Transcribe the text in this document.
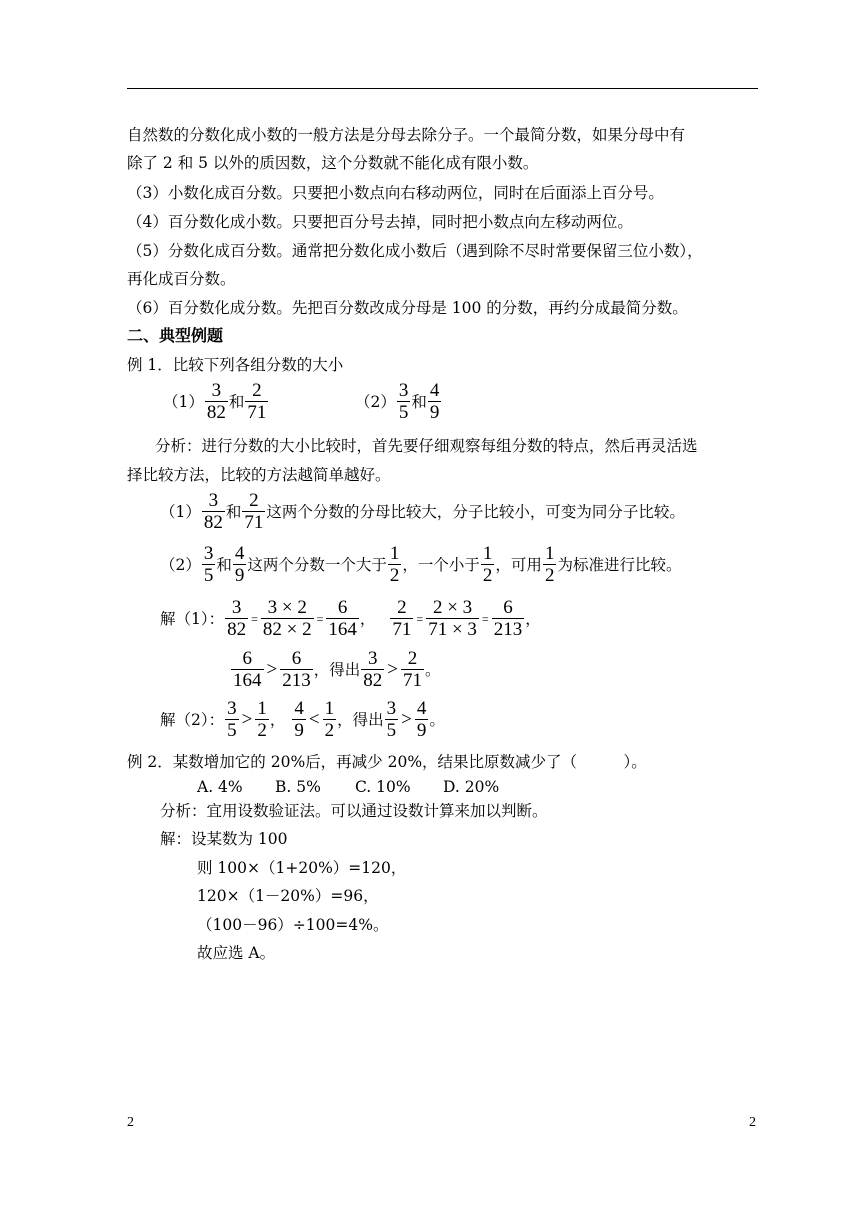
自然数的分数化成小数的一般方法是分母去除分子。一个最简分数，如果分母中有
除了 2 和 5 以外的质因数，这个分数就不能化成有限小数。
（3）小数化成百分数。只要把小数点向右移动两位，同时在后面添上百分号。
（4）百分数化成小数。只要把百分号去掉，同时把小数点向左移动两位。
（5）分数化成百分数。通常把分数化成小数后（遇到除不尽时常要保留三位小数），
再化成百分数。
（6）百分数化成分数。先把百分数改成分母是 100 的分数，再约分成最简分数。
二、典型例题
例 1．比较下列各组分数的大小
（1）
3
82 和
2
71	（2）
3
5 和
4
9
分析：进行分数的大小比较时，首先要仔细观察每组分数的特点，然后再灵活选
择比较方法，比较的方法越简单越好。
（1）
3
82 和
2
71 这两个分数的分母比较大，分子比较小，可变为同分子比较。
（2）
3
5 和
4
9 这两个分数一个大于
1
2 ，一个小于
1
2 ，可用
1
2 为标准进行比较。
解（1）： $\frac{3}{82} = \frac{3 \times 2}{82 \times 2} = \frac{6}{164}$ ， $\frac{2}{71} = \frac{2 \times 3}{71 \times 3} = \frac{6}{213}$ ，
6
164
>
6
213 ，得出
3
82
>
2
71 。
解（2）：
3
5
>
1
2 ，
4
9
<
1
2 ，得出
3
5
>
4
9 。
例 2．某数增加它的 20%后，再减少 20%，结果比原数减少了（　　　）。
A. 4% B. 5% C. 10% D. 20%
分析：宜用设数验证法。可以通过设数计算来加以判断。
解：设某数为 100
则 100×（1+20%）=120，
120×（1－20%）=96，
（100－96）÷100=4%。
故应选 A。
2	2
